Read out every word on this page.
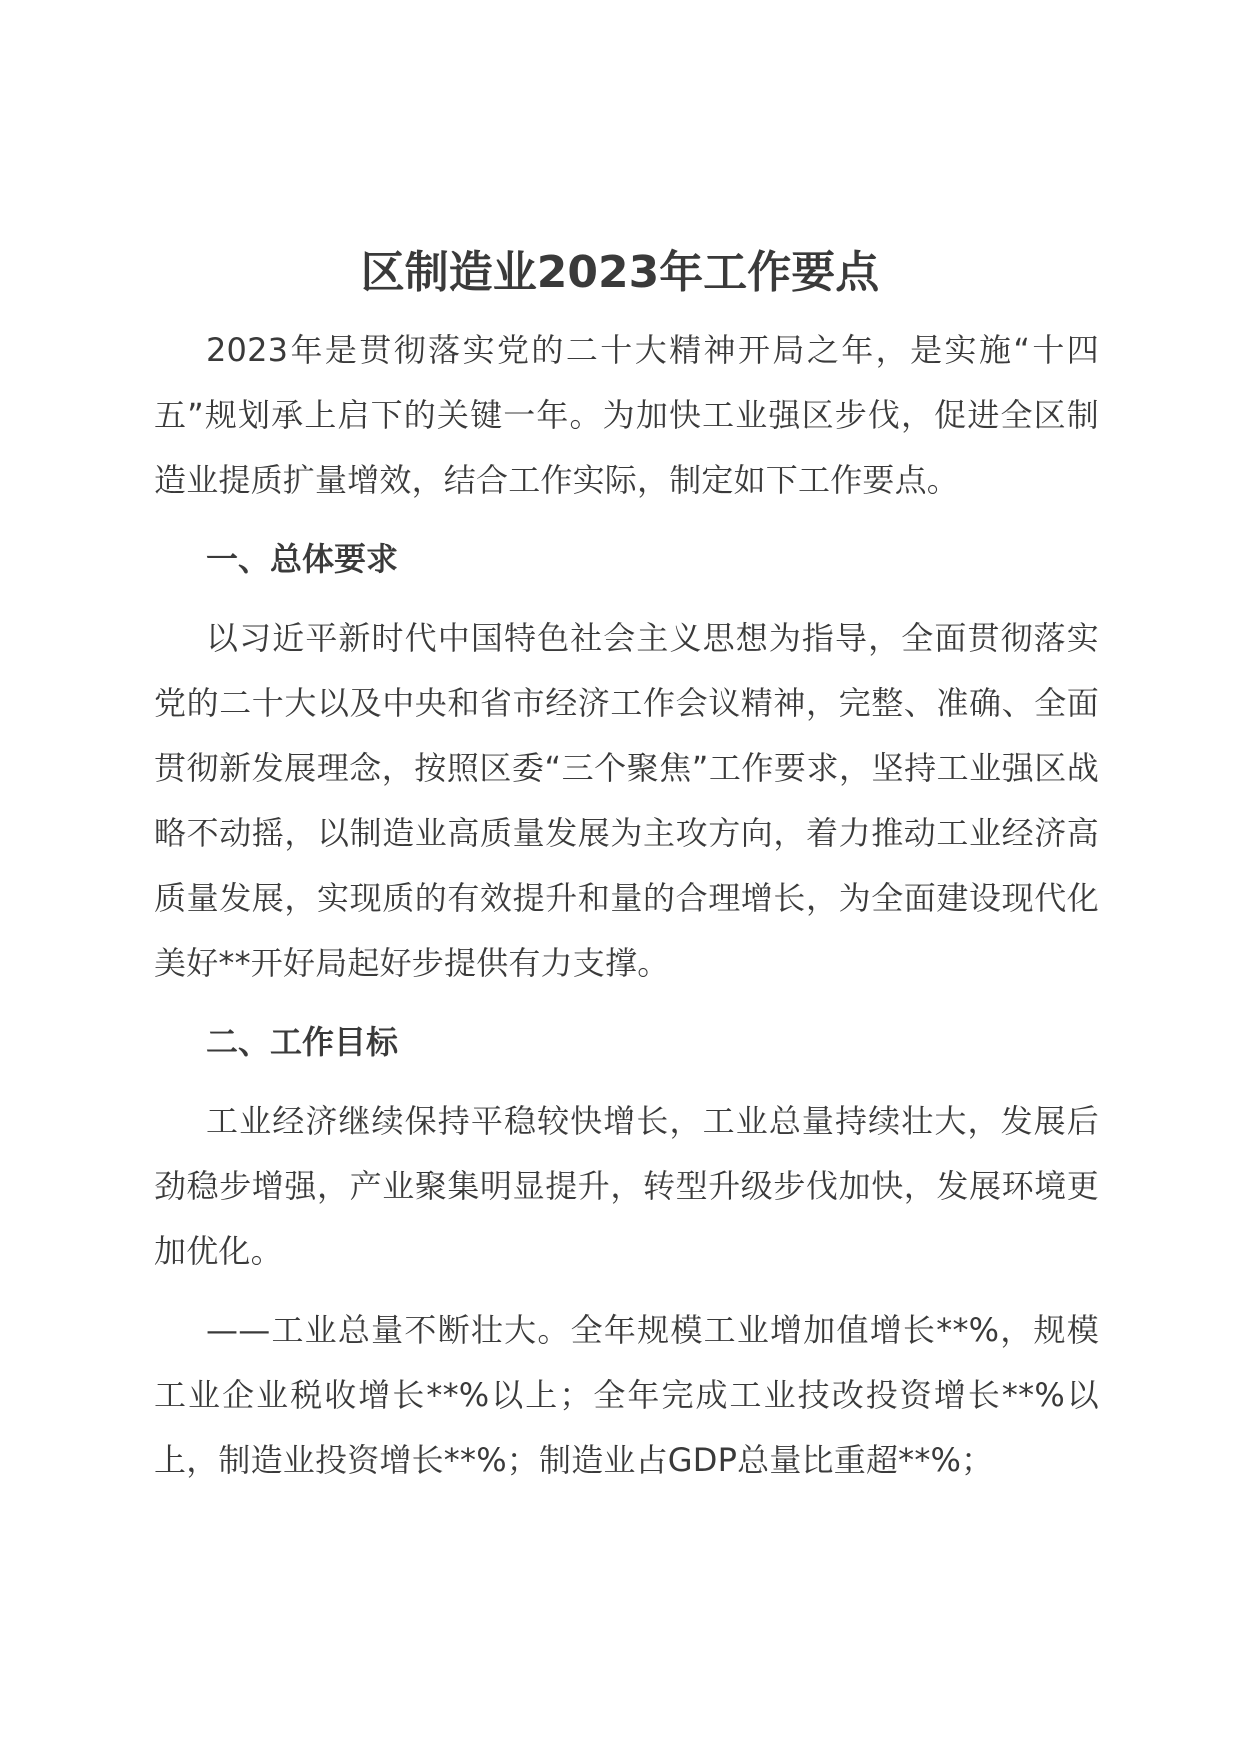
区制造业2023年工作要点

2023年是贯彻落实党的二十大精神开局之年，是实施“十四五”规划承上启下的关键一年。为加快工业强区步伐，促进全区制造业提质扩量增效，结合工作实际，制定如下工作要点。

一、总体要求

以习近平新时代中国特色社会主义思想为指导，全面贯彻落实党的二十大以及中央和省市经济工作会议精神，完整、准确、全面贯彻新发展理念，按照区委“三个聚焦”工作要求，坚持工业强区战略不动摇，以制造业高质量发展为主攻方向，着力推动工业经济高质量发展，实现质的有效提升和量的合理增长，为全面建设现代化美好**开好局起好步提供有力支撑。

二、工作目标

工业经济继续保持平稳较快增长，工业总量持续壮大，发展后劲稳步增强，产业聚集明显提升，转型升级步伐加快，发展环境更加优化。

——工业总量不断壮大。全年规模工业增加值增长**%，规模工业企业税收增长**%以上；全年完成工业技改投资增长**%以上，制造业投资增长**%；制造业占GDP总量比重超**%；
